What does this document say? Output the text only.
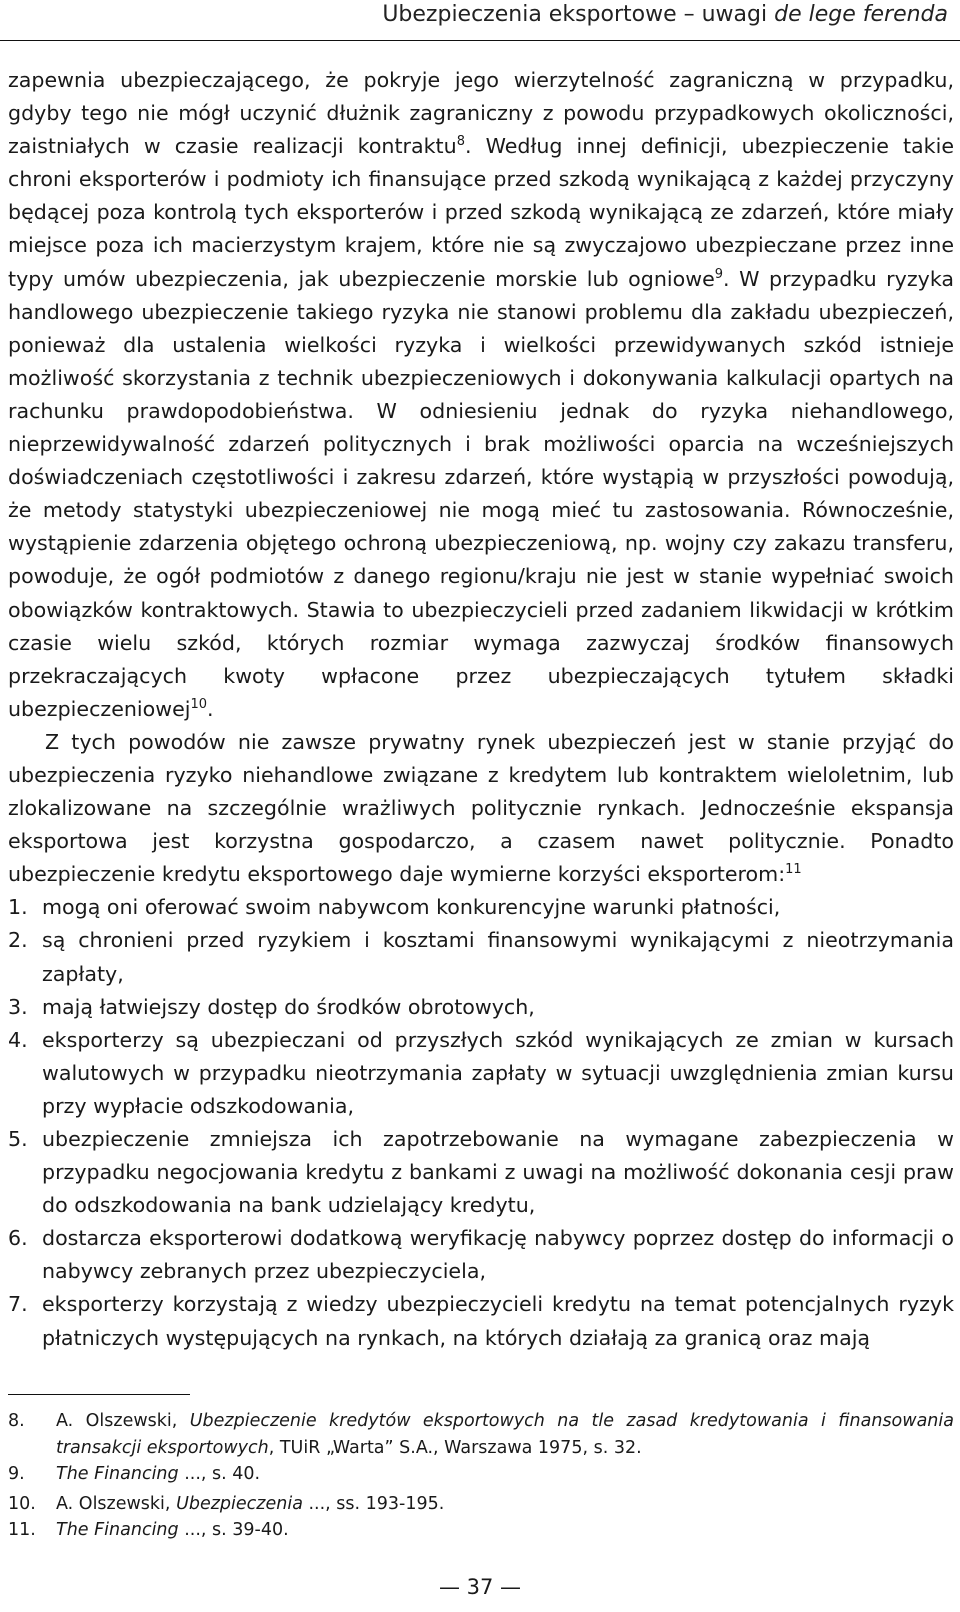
Ubezpieczenia eksportowe – uwagi de lege ferenda

zapewnia ubezpieczającego, że pokryje jego wierzytelność zagraniczną w przypadku, gdyby tego nie mógł uczynić dłużnik zagraniczny z powodu przypadkowych okoliczności, zaistniałych w czasie realizacji kontraktu$^8$. Według innej definicji, ubezpieczenie takie chroni eksporterów i podmioty ich finansujące przed szkodą wynikającą z każdej przyczyny będącej poza kontrolą tych eksporterów i przed szkodą wynikającą ze zdarzeń, które miały miejsce poza ich macierzystym krajem, które nie są zwyczajowo ubezpieczane przez inne typy umów ubezpieczenia, jak ubezpieczenie morskie lub ogniowe$^9$. W przypadku ryzyka handlowego ubezpieczenie takiego ryzyka nie stanowi problemu dla zakładu ubezpieczeń, ponieważ dla ustalenia wielkości ryzyka i wielkości przewidywanych szkód istnieje możliwość skorzystania z technik ubezpieczeniowych i dokonywania kalkulacji opartych na rachunku prawdopodobieństwa. W odniesieniu jednak do ryzyka niehandlowego, nieprzewidywalność zdarzeń politycznych i brak możliwości oparcia na wcześniejszych doświadczeniach częstotliwości i zakresu zdarzeń, które wystąpią w przyszłości powodują, że metody statystyki ubezpieczeniowej nie mogą mieć tu zastosowania. Równocześnie, wystąpienie zdarzenia objętego ochroną ubezpieczeniową, np. wojny czy zakazu transferu, powoduje, że ogół podmiotów z danego regionu/kraju nie jest w stanie wypełniać swoich obowiązków kontraktowych. Stawia to ubezpieczycieli przed zadaniem likwidacji w krótkim czasie wielu szkód, których rozmiar wymaga zazwyczaj środków finansowych przekraczających kwoty wpłacone przez ubezpieczających tytułem składki ubezpieczeniowej$^{10}$.

Z tych powodów nie zawsze prywatny rynek ubezpieczeń jest w stanie przyjąć do ubezpieczenia ryzyko niehandlowe związane z kredytem lub kontraktem wieloletnim, lub zlokalizowane na szczególnie wrażliwych politycznie rynkach. Jednocześnie ekspansja eksportowa jest korzystna gospodarczo, a czasem nawet politycznie. Ponadto ubezpieczenie kredytu eksportowego daje wymierne korzyści eksporterom:$^{11}$

1. mogą oni oferować swoim nabywcom konkurencyjne warunki płatności,
2. są chronieni przed ryzykiem i kosztami finansowymi wynikającymi z nieotrzymania zapłaty,
3. mają łatwiejszy dostęp do środków obrotowych,
4. eksporterzy są ubezpieczani od przyszłych szkód wynikających ze zmian w kursach walutowych w przypadku nieotrzymania zapłaty w sytuacji uwzględnienia zmian kursu przy wypłacie odszkodowania,
5. ubezpieczenie zmniejsza ich zapotrzebowanie na wymagane zabezpieczenia w przypadku negocjowania kredytu z bankami z uwagi na możliwość dokonania cesji praw do odszkodowania na bank udzielający kredytu,
6. dostarcza eksporterowi dodatkową weryfikację nabywcy poprzez dostęp do informacji o nabywcy zebranych przez ubezpieczyciela,
7. eksporterzy korzystają z wiedzy ubezpieczycieli kredytu na temat potencjalnych ryzyk płatniczych występujących na rynkach, na których działają za granicą oraz mają
8. A. Olszewski, Ubezpieczenie kredytów eksportowych na tle zasad kredytowania i finansowania transakcji eksportowych, TUiR „Warta” S.A., Warszawa 1975, s. 32.
9. The Financing ..., s. 40.
10. A. Olszewski, Ubezpieczenia ..., ss. 193-195.
11. The Financing ..., s. 39-40.
— 37 —
